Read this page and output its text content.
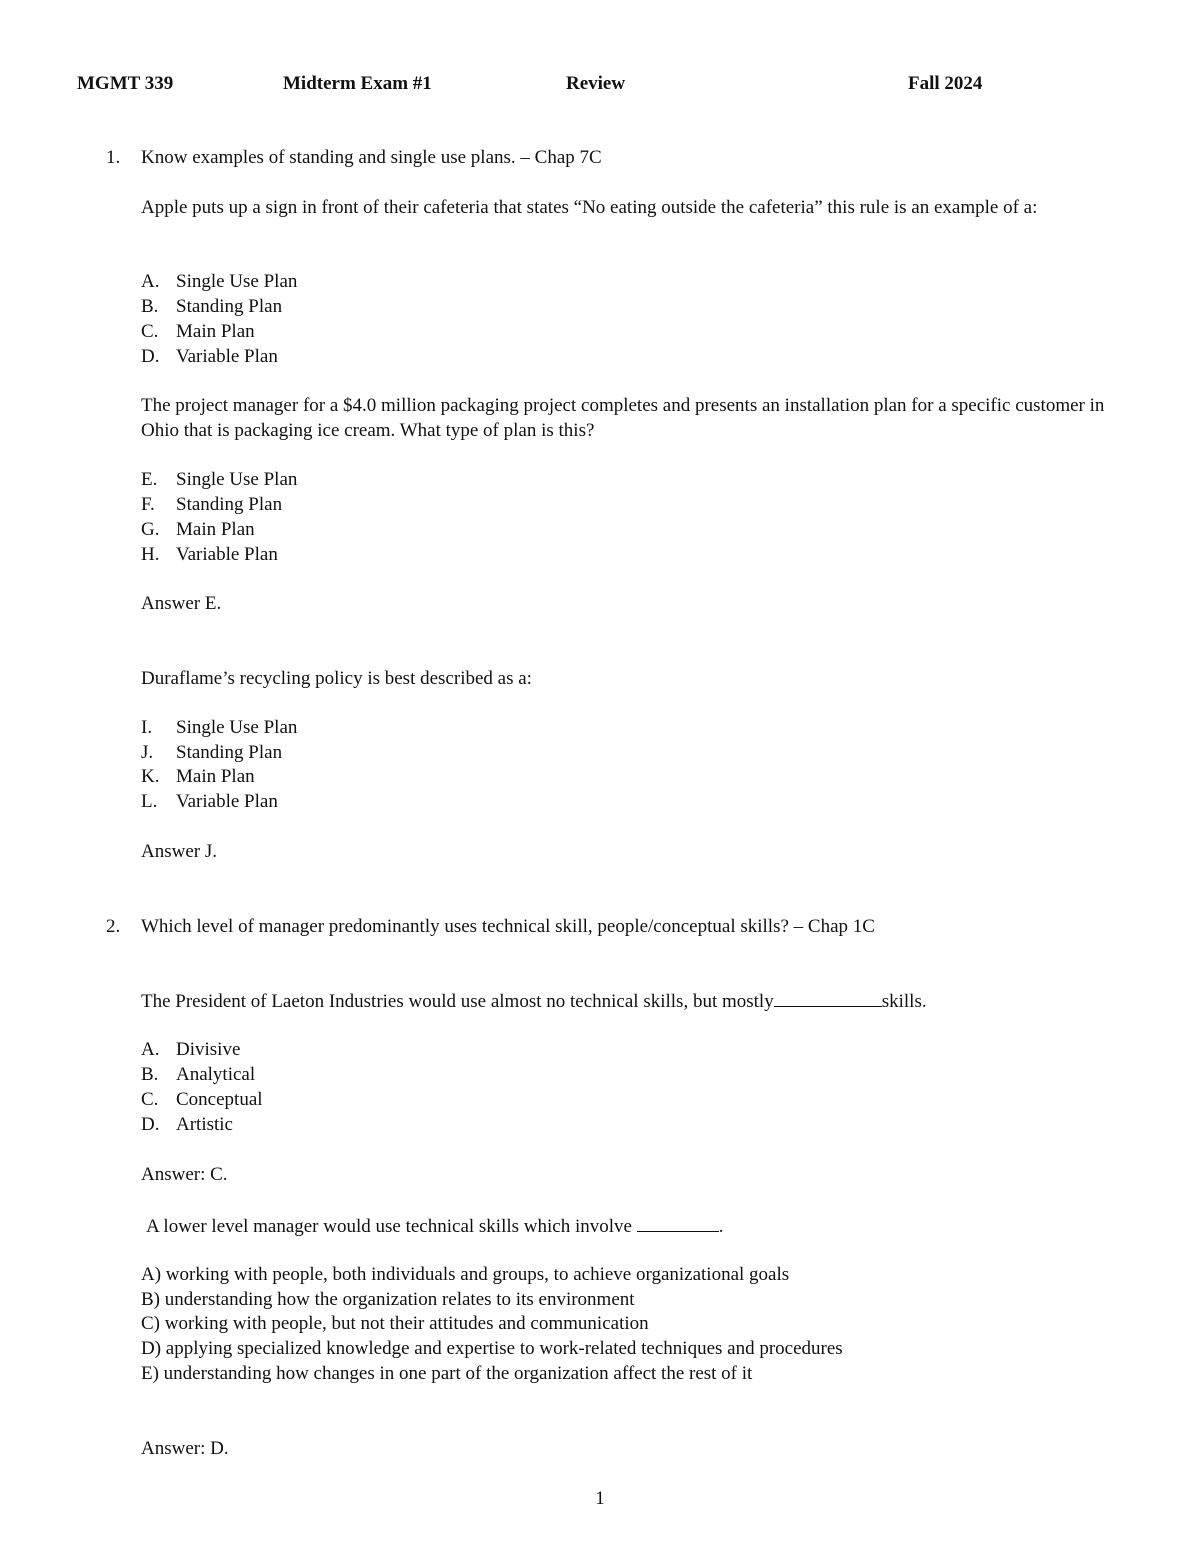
MGMT 339	Midterm Exam #1	Review	Fall 2024
1. Know examples of standing and single use plans. – Chap 7C
Apple puts up a sign in front of their cafeteria that states “No eating outside the cafeteria” this rule is an example of a:
A. Single Use Plan
B. Standing Plan
C. Main Plan
D. Variable Plan
The project manager for a $4.0 million packaging project completes and presents an installation plan for a specific customer in Ohio that is packaging ice cream. What type of plan is this?
E. Single Use Plan
F. Standing Plan
G. Main Plan
H. Variable Plan
Answer E.
Duraflame’s recycling policy is best described as a:
I. Single Use Plan
J. Standing Plan
K. Main Plan
L. Variable Plan
Answer J.
2. Which level of manager predominantly uses technical skill, people/conceptual skills? – Chap 1C
The President of Laeton Industries would use almost no technical skills, but mostly	skills.
A. Divisive
B. Analytical
C. Conceptual
D. Artistic
Answer: C.
A lower level manager would use technical skills which involve	.
A) working with people, both individuals and groups, to achieve organizational goals
B) understanding how the organization relates to its environment
C) working with people, but not their attitudes and communication
D) applying specialized knowledge and expertise to work-related techniques and procedures
E) understanding how changes in one part of the organization affect the rest of it
Answer: D.
1
